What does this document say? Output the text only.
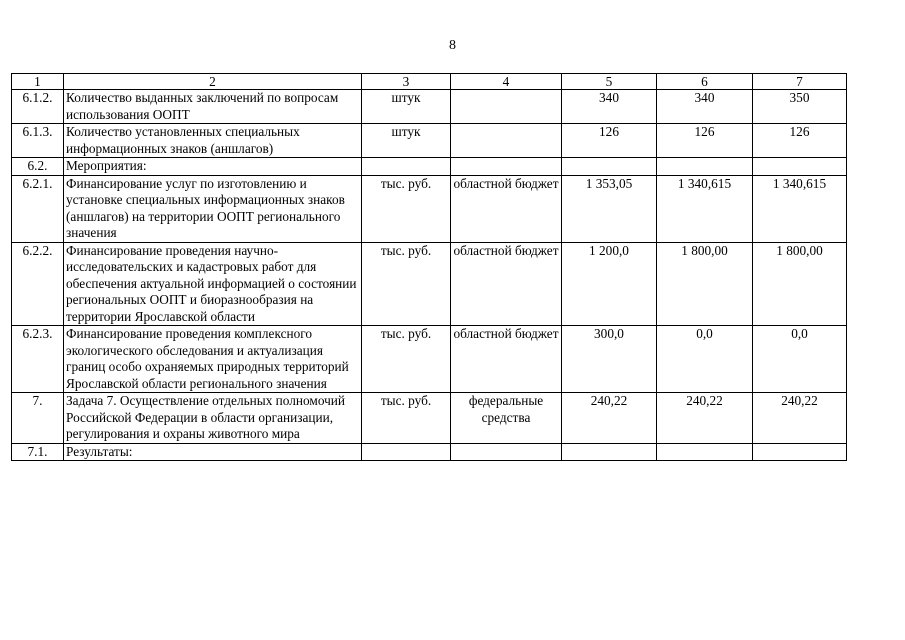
8
1	2	3	4	5	6	7
6.1.2.	Количество выданных заключений по вопросам использования ООПТ	штук		340	340	350
6.1.3.	Количество установленных специальных информационных знаков (аншлагов)	штук		126	126	126
6.2.	Мероприятия:					
6.2.1.	Финансирование услуг по изготовлению и установке специальных информационных знаков (аншлагов) на территории ООПТ регионального значения	тыс. руб.	областной бюджет	1 353,05	1 340,615	1 340,615
6.2.2.	Финансирование проведения научно-исследовательских и кадастровых работ для обеспечения актуальной информацией о состоянии региональных ООПТ и биоразнообразия на территории Ярославской области	тыс. руб.	областной бюджет	1 200,0	1 800,00	1 800,00
6.2.3.	Финансирование проведения комплексного экологического обследования и актуализация границ особо охраняемых природных территорий Ярославской области регионального значения	тыс. руб.	областной бюджет	300,0	0,0	0,0
7.	Задача 7. Осуществление отдельных полномочий Российской Федерации в области организации, регулирования и охраны животного мира	тыс. руб.	федеральные средства	240,22	240,22	240,22
7.1.	Результаты:					
